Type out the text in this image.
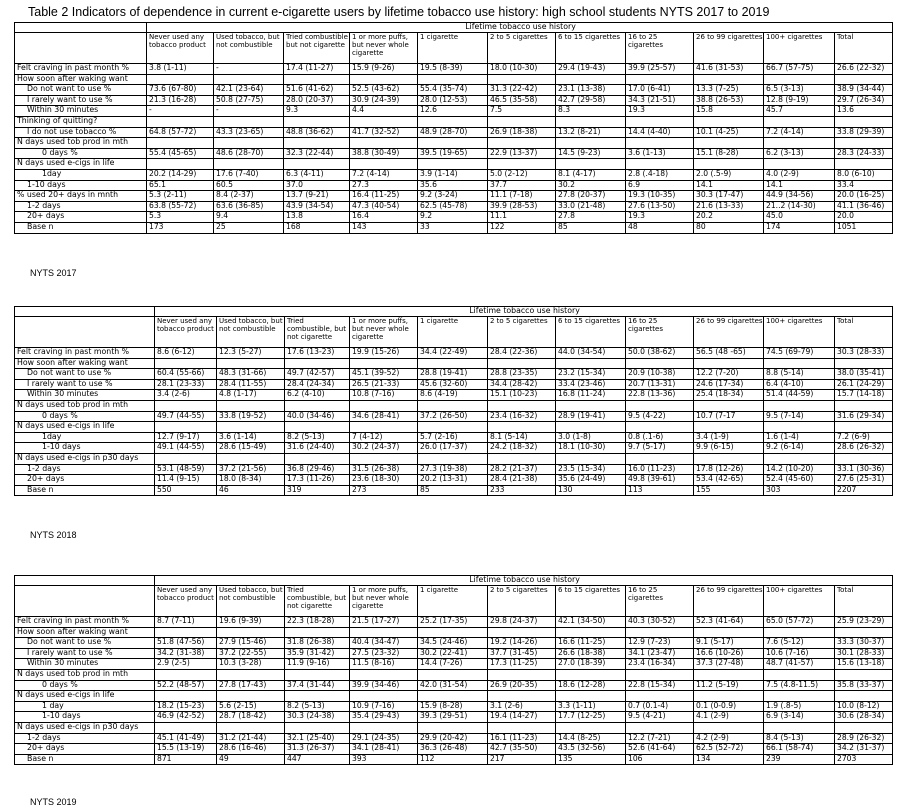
Table 2 Indicators of dependence in current e-cigarette users by lifetime tobacco use history: high school students NYTS 2017 to 2019
	Lifetime tobacco use history										
	Never used any tobacco product	Used tobacco, but not combustible	Tried combustible but not cigarette	1 or more puffs, but never whole cigarette	1 cigarette	2 to 5 cigarettes	6 to 15 cigarettes	16 to 25 cigarettes	26 to 99 cigarettes	100+ cigarettes	Total
Felt craving in past month %	3.8 (1-11)	-	17.4 (11-27)	15.9 (9-26)	19.5 (8-39)	18.0 (10-30)	29.4 (19-43)	39.9 (25-57)	41.6 (31-53)	66.7 (57-75)	26.6 (22-32)
How soon after waking want											
Do not want to use %	73.6 (67-80)	42.1 (23-64)	51.6 (41-62)	52.5 (43-62)	55.4 (35-74)	31.3 (22-42)	23.1 (13-38)	17.0 (6-41)	13.3 (7-25)	6.5 (3-13)	38.9 (34-44)
I rarely want to use %	21.3 (16-28)	50.8 (27-75)	28.0 (20-37)	30.9 (24-39)	28.0 (12-53)	46.5 (35-58)	42.7 (29-58)	34.3 (21-51)	38.8 (26-53)	12.8 (9-19)	29.7 (26-34)
Within 30 minutes	-	-	9.3	4.4	12.6	7.5	8.3	19.3	15.8	45.7	13.6
Thinking of quitting?											
I do not use tobacco %	64.8 (57-72)	43.3 (23-65)	48.8 (36-62)	41.7 (32-52)	48.9 (28-70)	26.9 (18-38)	13.2 (8-21)	14.4 (4-40)	10.1 (4-25)	7.2 (4-14)	33.8 (29-39)
N days used tob prod in mth											
0 days %	55.4 (45-65)	48.6 (28-70)	32.3 (22-44)	38.8 (30-49)	39.5 (19-65)	22.9 (13-37)	14.5 (9-23)	3.6 (1-13)	15.1 (8-28)	6.2 (3-13)	28.3 (24-33)
N days used e-cigs in life											
1day	20.2 (14-29)	17.6 (7-40)	6.3 (4-11)	7.2 (4-14)	3.9 (1-14)	5.0 (2-12)	8.1 (4-17)	2.8 (.4-18)	2.0 (.5-9)	4.0 (2-9)	8.0 (6-10)
1-10 days	65.1	60.5	37.0	27.3	35.6	37.7	30.2	6.9	14.1	14.1	33.4
% used 20+ days in mnth	5.3 (2-11)	8.4 (2-37)	13.7 (9-21)	16.4 (11-25)	9.2 (3-24)	11.1 (7-18)	27.8 (20-37)	19.3 (10-35)	30.3 (17-47)	44.9 (34-56)	20.0 (16-25)
1-2 days	63.8 (55-72)	63.6 (36-85)	43.9 (34-54)	47.3 (40-54)	62.5 (45-78)	39.9 (28-53)	33.0 (21-48)	27.6 (13-50)	21.6 (13-33)	21..2 (14-30)	41.1 (36-46)
20+ days	5.3	9.4	13.8	16.4	9.2	11.1	27.8	19.3	20.2	45.0	20.0
Base n	173	25	168	143	33	122	85	48	80	174	1051
NYTS 2017
	Lifetime tobacco use history										
	Never used any tobacco product	Used tobacco, but not combustible	Tried combustible, but not cigarette	1 or more puffs, but never whole cigarette	1 cigarette	2 to 5 cigarettes	6 to 15 cigarettes	16 to 25 cigarettes	26 to 99 cigarettes	100+ cigarettes	Total
Felt craving in past month %	8.6 (6-12)	12.3 (5-27)	17.6 (13-23)	19.9 (15-26)	34.4 (22-49)	28.4 (22-36)	44.0 (34-54)	50.0 (38-62)	56.5 (48 -65)	74.5 (69-79)	30.3 (28-33)
How soon after waking want											
Do not want to use %	60.4 (55-66)	48.3 (31-66)	49.7 (42-57)	45.1 (39-52)	28.8 (19-41)	28.8 (23-35)	23.2 (15-34)	20.9 (10-38)	12.2 (7-20)	8.8 (5-14)	38.0 (35-41)
I rarely want to use %	28.1 (23-33)	28.4 (11-55)	28.4 (24-34)	26.5 (21-33)	45.6 (32-60)	34.4 (28-42)	33.4 (23-46)	20.7 (13-31)	24.6 (17-34)	6.4 (4-10)	26.1 (24-29)
Within 30 minutes	3.4 (2-6)	4.8 (1-17)	6.2 (4-10)	10.8 (7-16)	8.6 (4-19)	15.1 (10-23)	16.8 (11-24)	22.8 (13-36)	25.4 (18-34)	51.4 (44-59)	15.7 (14-18)
N days used tob prod in mth											
0 days %	49.7 (44-55)	33.8 (19-52)	40.0 (34-46)	34.6 (28-41)	37.2 (26-50)	23.4 (16-32)	28.9 (19-41)	9.5 (4-22)	10.7 (7-17	9.5 (7-14)	31.6 (29-34)
N days used e-cigs in life											
1day	12.7 (9-17)	3.6 (1-14)	8.2 (5-13)	7 (4-12)	5.7 (2-16)	8.1 (5-14)	3.0 (1-8)	0.8 (.1-6)	3.4 (1-9)	1.6 (1-4)	7.2 (6-9)
1-10 days	49.1 (44-55)	28.6 (15-49)	31.6 (24-40)	30.2 (24-37)	26.0 (17-37)	24.2 (18-32)	18.1 (10-30)	9.7 (5-17)	9.9 (6-15)	9.2 (6-14)	28.6 (26-32)
N days used e-cigs in p30 days											
1-2 days	53.1 (48-59)	37.2 (21-56)	36.8 (29-46)	31.5 (26-38)	27.3 (19-38)	28.2 (21-37)	23.5 (15-34)	16.0 (11-23)	17.8 (12-26)	14.2 (10-20)	33.1 (30-36)
20+ days	11.4 (9-15)	18.0 (8-34)	17.3 (11-26)	23.6 (18-30)	20.2 (13-31)	28.4 (21-38)	35.6 (24-49)	49.8 (39-61)	53.4 (42-65)	52.4 (45-60)	27.6 (25-31)
Base n	550	46	319	273	85	233	130	113	155	303	2207
NYTS 2018
	Lifetime tobacco use history										
	Never used any tobacco product	Used tobacco, but not combustible	Tried combustible, but not cigarette	1 or more puffs, but never whole cigarette	1 cigarette	2 to 5 cigarettes	6 to 15 cigarettes	16 to 25 cigarettes	26 to 99 cigarettes	100+ cigarettes	Total
Felt craving in past month %	8.7 (7-11)	19.6 (9-39)	22.3 (18-28)	21.5 (17-27)	25.2 (17-35)	29.8 (24-37)	42.1 (34-50)	40.3 (30-52)	52.3 (41-64)	65.0 (57-72)	25.9 (23-29)
How soon after waking want											
Do not want to use %	51.8 (47-56)	27.9 (15-46)	31.8 (26-38)	40.4 (34-47)	34.5 (24-46)	19.2 (14-26)	16.6 (11-25)	12.9 (7-23)	9.1 (5-17)	7.6 (5-12)	33.3 (30-37)
I rarely want to use %	34.2 (31-38)	37.2 (22-55)	35.9 (31-42)	27.5 (23-32)	30.2 (22-41)	37.7 (31-45)	26.6 (18-38)	34.1 (23-47)	16.6 (10-26)	10.6 (7-16)	30.1 (28-33)
Within 30 minutes	2.9 (2-5)	10.3 (3-28)	11.9 (9-16)	11.5 (8-16)	14.4 (7-26)	17.3 (11-25)	27.0 (18-39)	23.4 (16-34)	37.3 (27-48)	48.7 (41-57)	15.6 (13-18)
N days used tob prod in mth											
0 days %	52.2 (48-57)	27.8 (17-43)	37.4 (31-44)	39.9 (34-46)	42.0 (31-54)	26.9 (20-35)	18.6 (12-28)	22.8 (15-34)	11.2 (5-19)	7.5 (4.8-11.5)	35.8 (33-37)
N days used e-cigs in life											
1 day	18.2 (15-23)	5.6 (2-15)	8.2 (5-13)	10.9 (7-16)	15.9 (8-28)	3.1 (2-6)	3.3 (1-11)	0.7 (0.1-4)	0.1 (0-0.9)	1.9 (.8-5)	10.0 (8-12)
1-10 days	46.9 (42-52)	28.7 (18-42)	30.3 (24-38)	35.4 (29-43)	39.3 (29-51)	19.4 (14-27)	17.7 (12-25)	9.5 (4-21)	4.1 (2-9)	6.9 (3-14)	30.6 (28-34)
N days used e-cigs in p30 days											
1-2 days	45.1 (41-49)	31.2 (21-44)	32.1 (25-40)	29.1 (24-35)	29.9 (20-42)	16.1 (11-23)	14.4 (8-25)	12.2 (7-21)	4.2 (2-9)	8.4 (5-13)	28.9 (26-32)
20+ days	15.5 (13-19)	28.6 (16-46)	31.3 (26-37)	34.1 (28-41)	36.3 (26-48)	42.7 (35-50)	43.5 (32-56)	52.6 (41-64)	62.5 (52-72)	66.1 (58-74)	34.2 (31-37)
Base n	871	49	447	393	112	217	135	106	134	239	2703
NYTS 2019
